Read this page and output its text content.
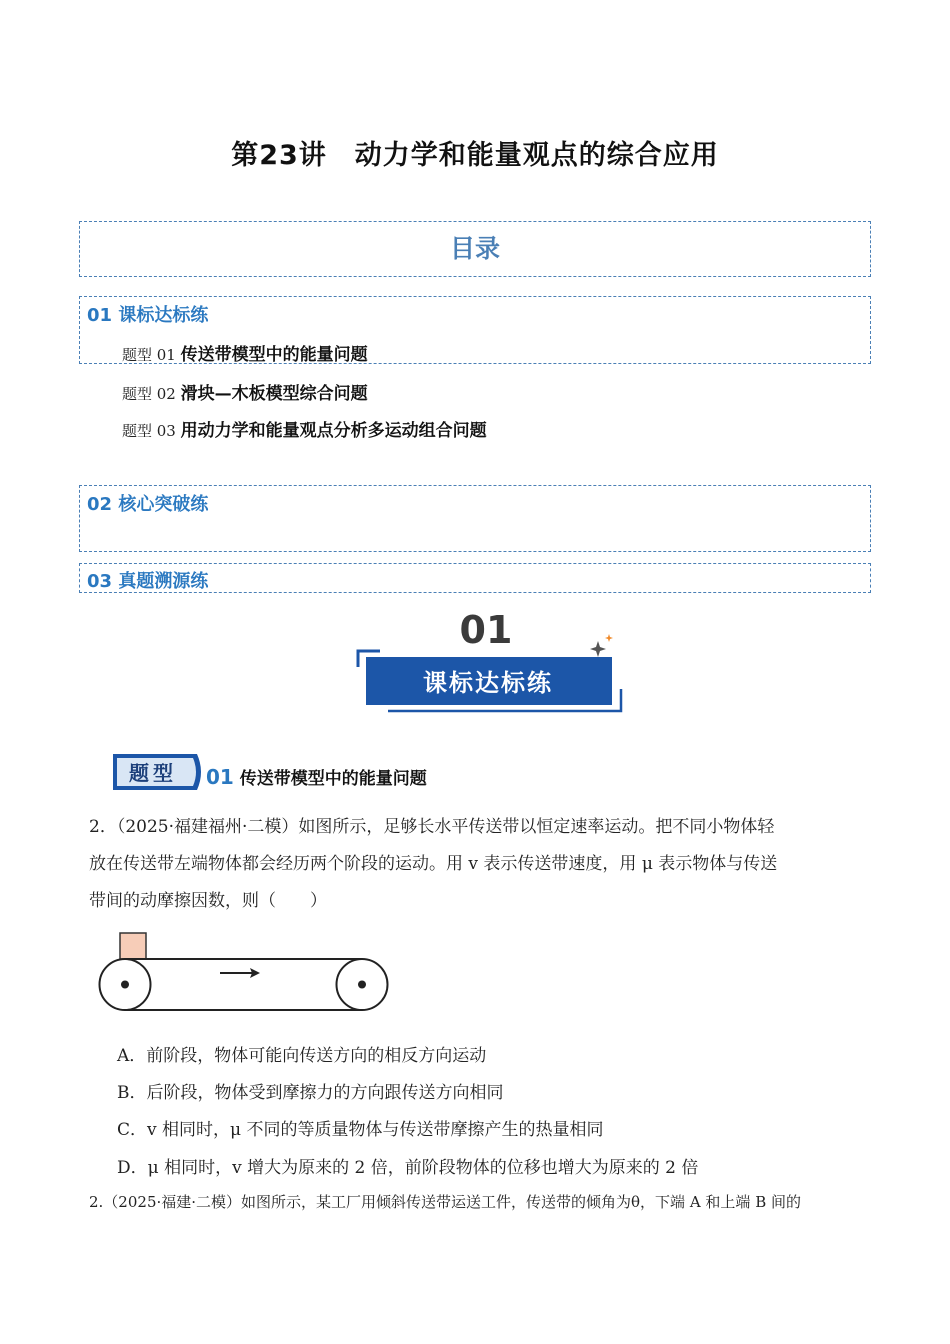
第23讲　动力学和能量观点的综合应用
目录
01 课标达标练
题型 01 传送带模型中的能量问题
题型 02 滑块—木板模型综合问题
题型 03 用动力学和能量观点分析多运动组合问题
02 核心突破练
03 真题溯源练
01
课标达标练
题型 01 传送带模型中的能量问题
2．（2025·福建福州·二模）如图所示，足够长水平传送带以恒定速率运动。把不同小物体轻
放在传送带左端物体都会经历两个阶段的运动。用 v 表示传送带速度，用 μ 表示物体与传送
带间的动摩擦因数，则（　　）
A．前阶段，物体可能向传送方向的相反方向运动
B．后阶段，物体受到摩擦力的方向跟传送方向相同
C．v 相同时，μ 不同的等质量物体与传送带摩擦产生的热量相同
D．μ 相同时，v 增大为原来的 2 倍，前阶段物体的位移也增大为原来的 2 倍
2.（2025·福建·二模）如图所示，某工厂用倾斜传送带运送工件，传送带的倾角为θ，下端 A 和上端 B 间的
